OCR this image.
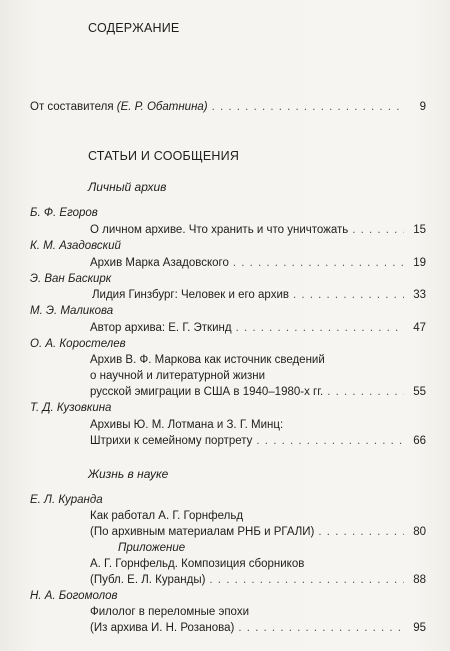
СОДЕРЖАНИЕ
От составителя (Е. Р. Обатнина) . . .	9
СТАТЬИ И СООБЩЕНИЯ
Личный архив
Б. Ф. Егоров
О личном архиве. Что хранить и что уничтожать . . .	15
К. М. Азадовский
Архив Марка Азадовского . . .	19
Э. Ван Баскирк
Лидия Гинзбург: Человек и его архив . . .	33
М. Э. Маликова
Автор архива: Е. Г. Эткинд . . .	47
О. А. Коростелев
Архив В. Ф. Маркова как источник сведений
о научной и литературной жизни
русской эмиграции в США в 1940–1980-х гг. . . .	55
Т. Д. Кузовкина
Архивы Ю. М. Лотмана и З. Г. Минц:
Штрихи к семейному портрету . . .	66
Жизнь в науке
Е. Л. Куранда
Как работал А. Г. Горнфельд
(По архивным материалам РНБ и РГАЛИ) . . .	80
Приложение
А. Г. Горнфельд. Композиция сборников
(Публ. Е. Л. Куранды) . . .	88
Н. А. Богомолов
Филолог в переломные эпохи
(Из архива И. Н. Розанова) . . .	95
